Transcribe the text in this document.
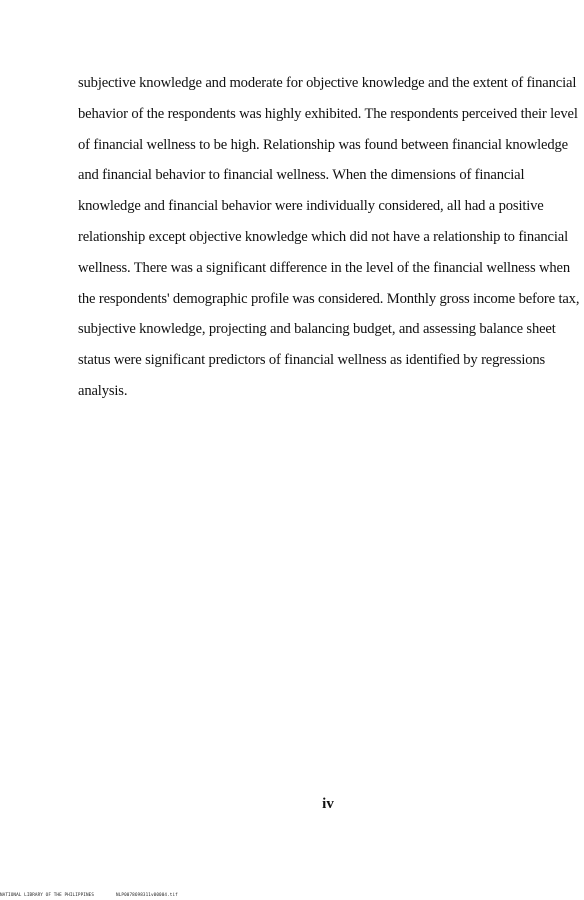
subjective knowledge and moderate for objective knowledge and the extent of financial
behavior of the respondents was highly exhibited. The respondents perceived their level
of financial wellness to be high. Relationship was found between financial knowledge
and financial behavior to financial wellness. When the dimensions of financial
knowledge and financial behavior were individually considered, all had a positive
relationship except objective knowledge which did not have a relationship to financial
wellness. There was a significant difference in the level of the financial wellness when
the respondents' demographic profile was considered. Monthly gross income before tax,
subjective knowledge, projecting and balancing budget, and assessing balance sheet
status were significant predictors of financial wellness as identified by regressions
analysis.
iv
NATIONAL LIBRARY OF THE PHILIPPINES	NLP0078698311v00004.tif
